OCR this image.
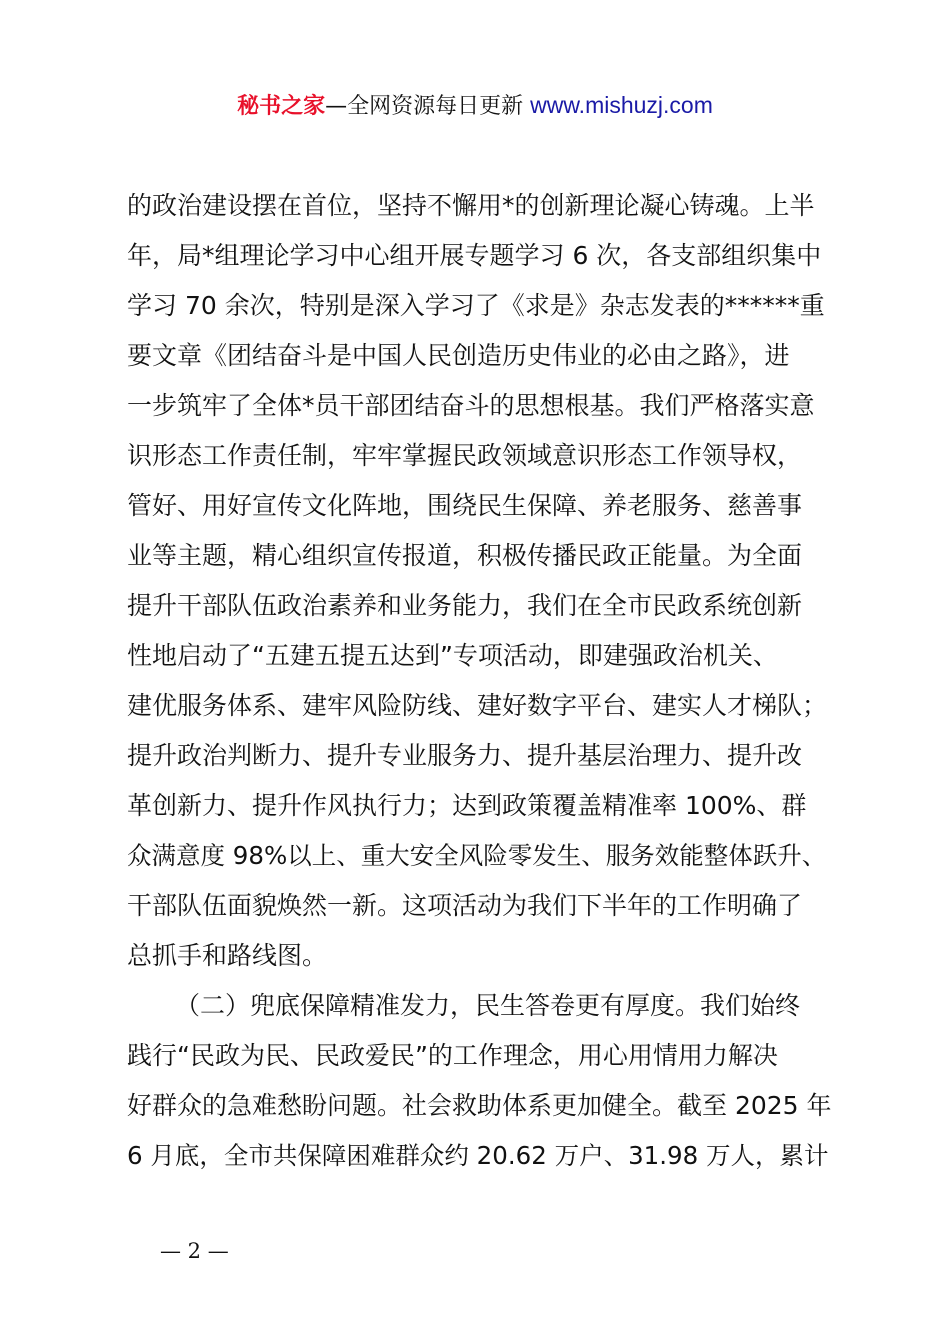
秘书之家—全网资源每日更新 www.mishuzj.com
的政治建设摆在首位，坚持不懈用*的创新理论凝心铸魂。上半
年，局*组理论学习中心组开展专题学习 6 次，各支部组织集中
学习 70 余次，特别是深入学习了《求是》杂志发表的******重
要文章《团结奋斗是中国人民创造历史伟业的必由之路》，进
一步筑牢了全体*员干部团结奋斗的思想根基。我们严格落实意
识形态工作责任制，牢牢掌握民政领域意识形态工作领导权，
管好、用好宣传文化阵地，围绕民生保障、养老服务、慈善事
业等主题，精心组织宣传报道，积极传播民政正能量。为全面
提升干部队伍政治素养和业务能力，我们在全市民政系统创新
性地启动了“五建五提五达到”专项活动，即建强政治机关、
建优服务体系、建牢风险防线、建好数字平台、建实人才梯队；
提升政治判断力、提升专业服务力、提升基层治理力、提升改
革创新力、提升作风执行力；达到政策覆盖精准率 100%、群
众满意度 98%以上、重大安全风险零发生、服务效能整体跃升、
干部队伍面貌焕然一新。这项活动为我们下半年的工作明确了
总抓手和路线图。
（二）兜底保障精准发力，民生答卷更有厚度。我们始终
践行“民政为民、民政爱民”的工作理念，用心用情用力解决
好群众的急难愁盼问题。社会救助体系更加健全。截至 2025 年
6 月底，全市共保障困难群众约 20.62 万户、31.98 万人，累计
— 2 —
